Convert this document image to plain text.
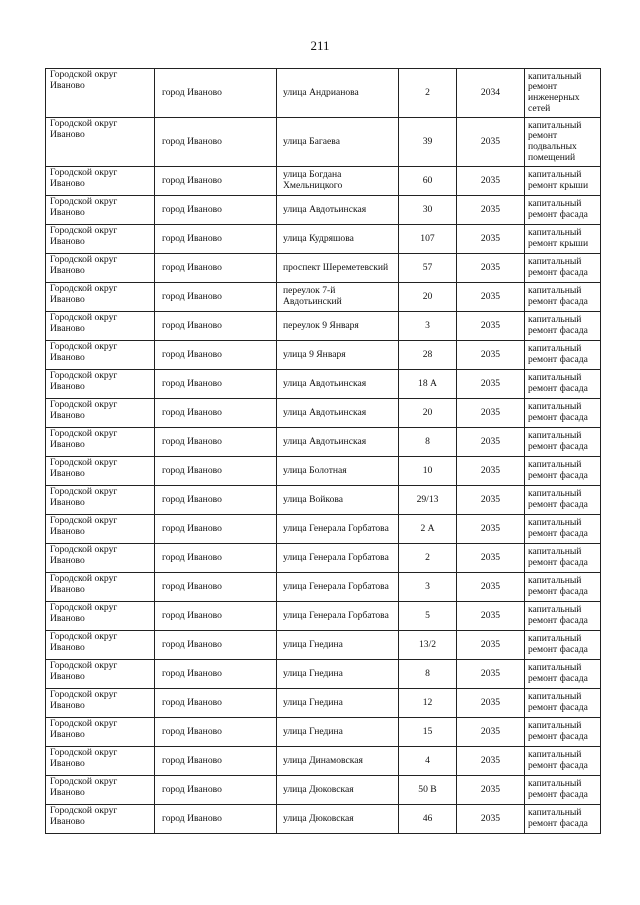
211
Городской округ Иваново	город Иваново	улица Андрианова	2	2034	капитальный ремонт инженерных сетей
Городской округ Иваново	город Иваново	улица Багаева	39	2035	капитальный ремонт подвальных помещений
Городской округ Иваново	город Иваново	улица Богдана Хмельницкого	60	2035	капитальный ремонт крыши
Городской округ Иваново	город Иваново	улица Авдотьинская	30	2035	капитальный ремонт фасада
Городской округ Иваново	город Иваново	улица Кудряшова	107	2035	капитальный ремонт крыши
Городской округ Иваново	город Иваново	проспект Шереметевский	57	2035	капитальный ремонт фасада
Городской округ Иваново	город Иваново	переулок 7-й Авдотьинский	20	2035	капитальный ремонт фасада
Городской округ Иваново	город Иваново	переулок 9 Января	3	2035	капитальный ремонт фасада
Городской округ Иваново	город Иваново	улица 9 Января	28	2035	капитальный ремонт фасада
Городской округ Иваново	город Иваново	улица Авдотьинская	18 А	2035	капитальный ремонт фасада
Городской округ Иваново	город Иваново	улица Авдотьинская	20	2035	капитальный ремонт фасада
Городской округ Иваново	город Иваново	улица Авдотьинская	8	2035	капитальный ремонт фасада
Городской округ Иваново	город Иваново	улица Болотная	10	2035	капитальный ремонт фасада
Городской округ Иваново	город Иваново	улица Войкова	29/13	2035	капитальный ремонт фасада
Городской округ Иваново	город Иваново	улица Генерала Горбатова	2 А	2035	капитальный ремонт фасада
Городской округ Иваново	город Иваново	улица Генерала Горбатова	2	2035	капитальный ремонт фасада
Городской округ Иваново	город Иваново	улица Генерала Горбатова	3	2035	капитальный ремонт фасада
Городской округ Иваново	город Иваново	улица Генерала Горбатова	5	2035	капитальный ремонт фасада
Городской округ Иваново	город Иваново	улица Гнедина	13/2	2035	капитальный ремонт фасада
Городской округ Иваново	город Иваново	улица Гнедина	8	2035	капитальный ремонт фасада
Городской округ Иваново	город Иваново	улица Гнедина	12	2035	капитальный ремонт фасада
Городской округ Иваново	город Иваново	улица Гнедина	15	2035	капитальный ремонт фасада
Городской округ Иваново	город Иваново	улица Динамовская	4	2035	капитальный ремонт фасада
Городской округ Иваново	город Иваново	улица Дюковская	50 В	2035	капитальный ремонт фасада
Городской округ Иваново	город Иваново	улица Дюковская	46	2035	капитальный ремонт фасада
